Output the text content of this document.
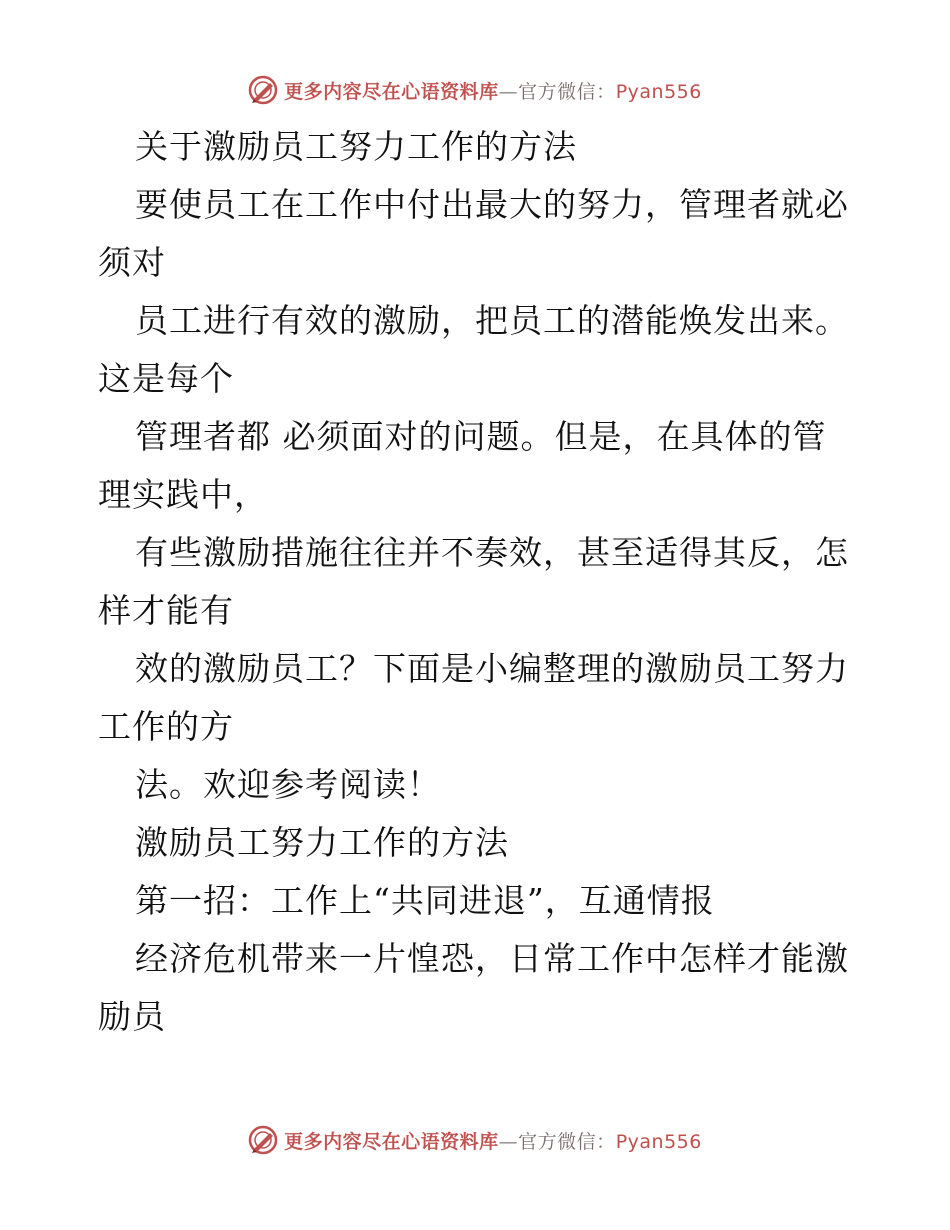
更多内容尽在心语资料库—官方微信：Pyan556
关于激励员工努力工作的方法
要使员工在工作中付出最大的努力，管理者就必
须对
员工进行有效的激励，把员工的潜能焕发出来。
这是每个
管理者都 必须面对的问题。但是，在具体的管
理实践中，
有些激励措施往往并不奏效，甚至适得其反，怎
样才能有
效的激励员工？下面是小编整理的激励员工努力
工作的方
法。欢迎参考阅读！
激励员工努力工作的方法
第一招：工作上“共同进退”，互通情报
经济危机带来一片惶恐，日常工作中怎样才能激
励员
更多内容尽在心语资料库—官方微信：Pyan556
